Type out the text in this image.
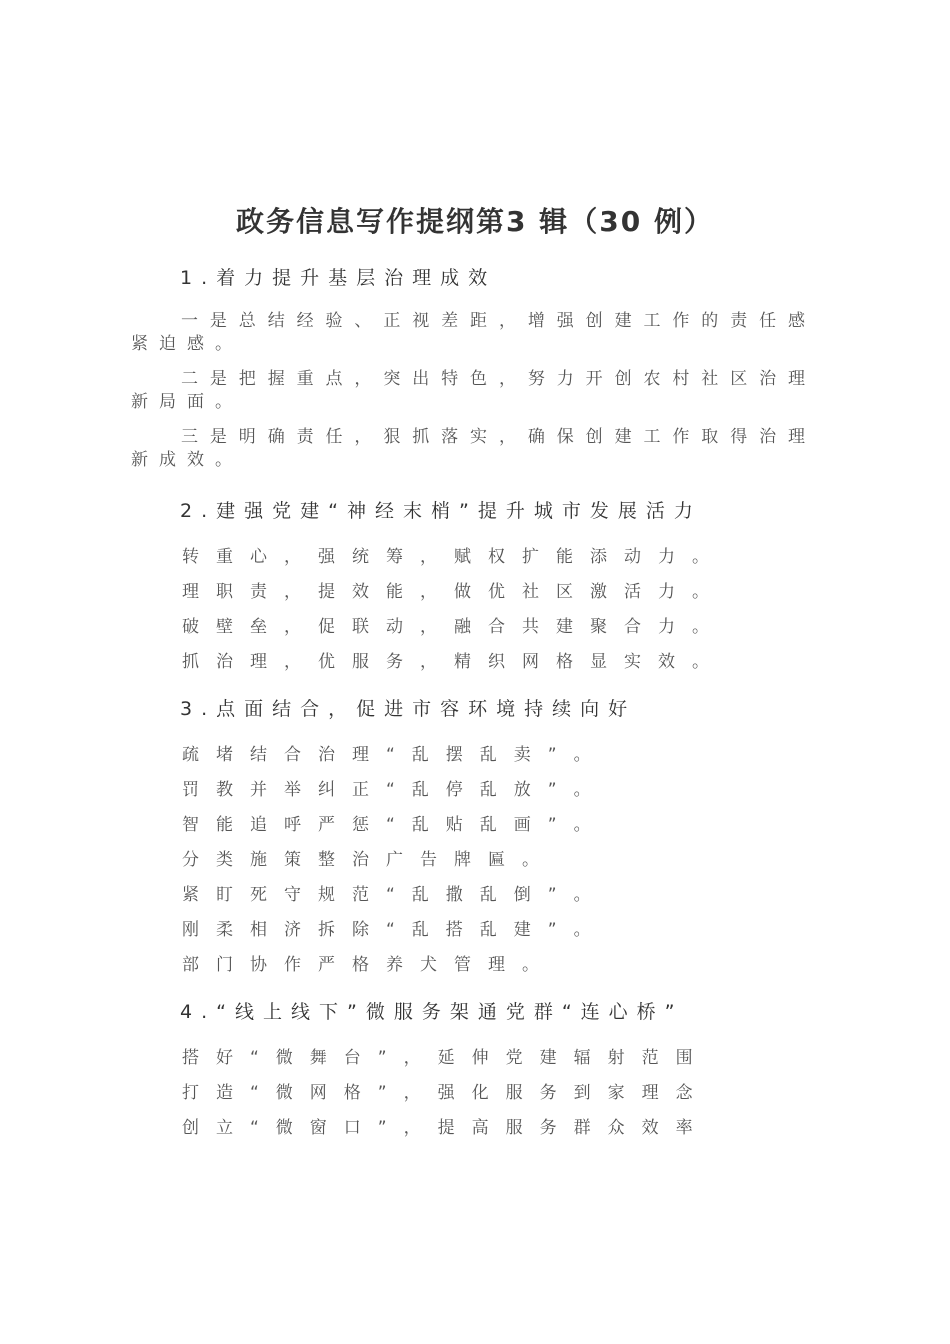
政务信息写作提纲第3 辑（30 例）
1.着力提升基层治理成效
一是总结经验、正视差距，增强创建工作的责任感紧迫感。
二是把握重点，突出特色，努力开创农村社区治理新局面。
三是明确责任，狠抓落实，确保创建工作取得治理新成效。
2.建强党建“神经末梢”提升城市发展活力
转重心，强统筹，赋权扩能添动力。
理职责，提效能，做优社区激活力。
破壁垒，促联动，融合共建聚合力。
抓治理，优服务，精织网格显实效。
3.点面结合，促进市容环境持续向好
疏堵结合治理“乱摆乱卖”。
罚教并举纠正“乱停乱放”。
智能追呼严惩“乱贴乱画”。
分类施策整治广告牌匾。
紧盯死守规范“乱撒乱倒”。
刚柔相济拆除“乱搭乱建”。
部门协作严格养犬管理。
4.“线上线下”微服务架通党群“连心桥”
搭好“微舞台”，延伸党建辐射范围
打造“微网格”，强化服务到家理念
创立“微窗口”，提高服务群众效率
